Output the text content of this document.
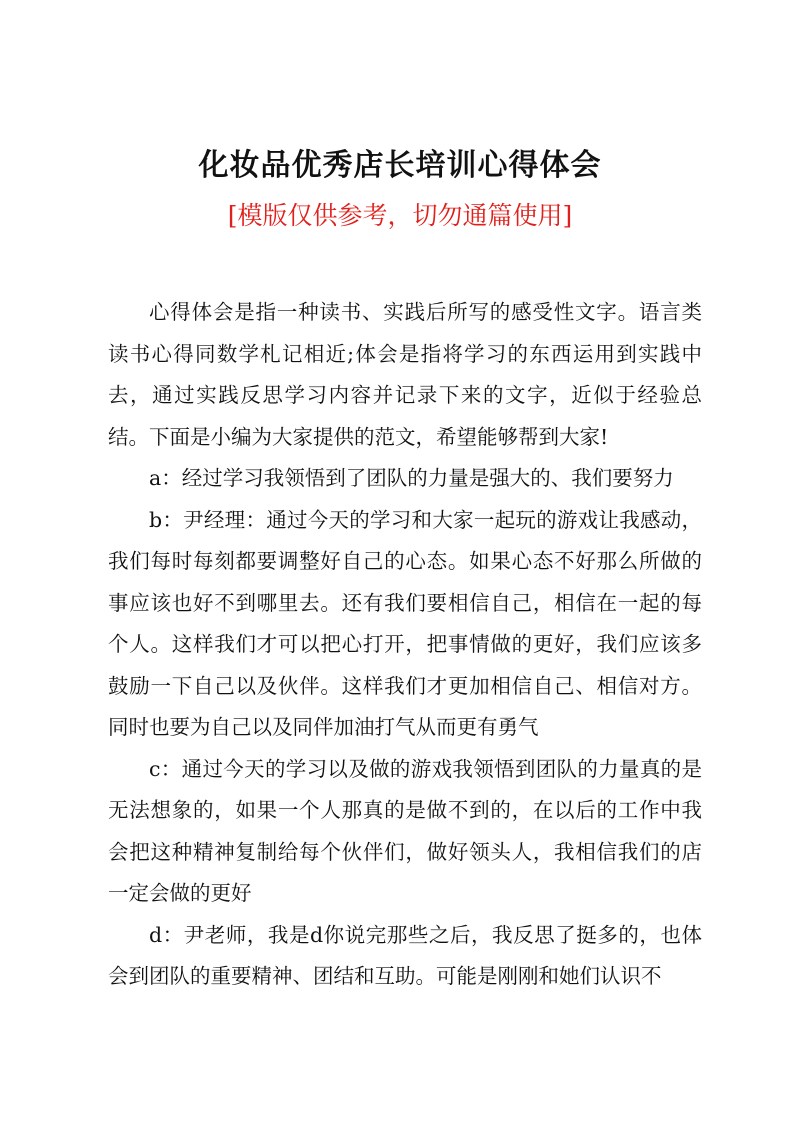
化妆品优秀店长培训心得体会
[模版仅供参考，切勿通篇使用]

心得体会是指一种读书、实践后所写的感受性文字。语言类读书心得同数学札记相近;体会是指将学习的东西运用到实践中去，通过实践反思学习内容并记录下来的文字，近似于经验总结。下面是小编为大家提供的范文，希望能够帮到大家!

a：经过学习我领悟到了团队的力量是强大的、我们要努力

b：尹经理：通过今天的学习和大家一起玩的游戏让我感动，我们每时每刻都要调整好自己的心态。如果心态不好那么所做的事应该也好不到哪里去。还有我们要相信自己，相信在一起的每个人。这样我们才可以把心打开，把事情做的更好，我们应该多鼓励一下自己以及伙伴。这样我们才更加相信自己、相信对方。同时也要为自己以及同伴加油打气从而更有勇气

c：通过今天的学习以及做的游戏我领悟到团队的力量真的是无法想象的，如果一个人那真的是做不到的，在以后的工作中我会把这种精神复制给每个伙伴们，做好领头人，我相信我们的店一定会做的更好

d：尹老师，我是d你说完那些之后，我反思了挺多的，也体会到团队的重要精神、团结和互助。可能是刚刚和她们认识不
